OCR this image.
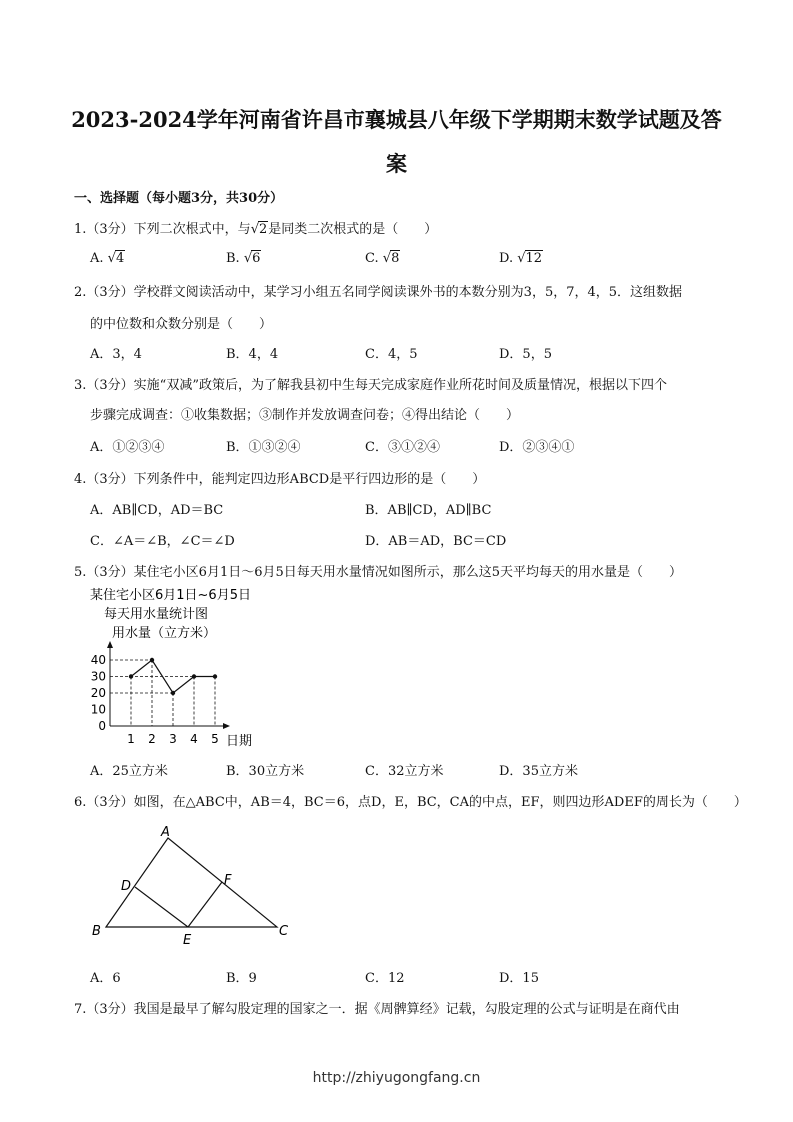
2023-2024学年河南省许昌市襄城县八年级下学期期末数学试题及答
案
一、选择题（每小题3分，共30分）
1.（3分）下列二次根式中，与√2是同类二次根式的是（　　）
A. √4	B. √6	C. √8	D. √12
2.（3分）学校群文阅读活动中，某学习小组五名同学阅读课外书的本数分别为3，5，7，4，5．这组数据
的中位数和众数分别是（　　）
A．3，4	B．4，4	C．4，5	D．5，5
3.（3分）实施“双减”政策后，为了解我县初中生每天完成家庭作业所花时间及质量情况，根据以下四个
步骤完成调查：①收集数据；③制作并发放调查问卷；④得出结论（　　）
A．①②③④	B．①③②④	C．③①②④	D．②③④①
4.（3分）下列条件中，能判定四边形ABCD是平行四边形的是（　　）
A．AB∥CD，AD＝BC	B．AB∥CD，AD∥BC
C．∠A＝∠B，∠C＝∠D	D．AB＝AD，BC＝CD
5.（3分）某住宅小区6月1日～6月5日每天用水量情况如图所示，那么这5天平均每天的用水量是（　　）
某住宅小区6月1日~6月5日
每天用水量统计图
用水量（立方米）
0
10
20
30
40
1 2 3 4 5 日期
A．25立方米	B．30立方米	C．32立方米	D．35立方米
6.（3分）如图，在△ABC中，AB＝4，BC＝6，点D，E，BC，CA的中点，EF，则四边形ADEF的周长为（　　）
A
B	C
D
E
F
A．6	B．9	C．12	D．15
7.（3分）我国是最早了解勾股定理的国家之一．据《周髀算经》记载，勾股定理的公式与证明是在商代由
http://zhiyugongfang.cn
